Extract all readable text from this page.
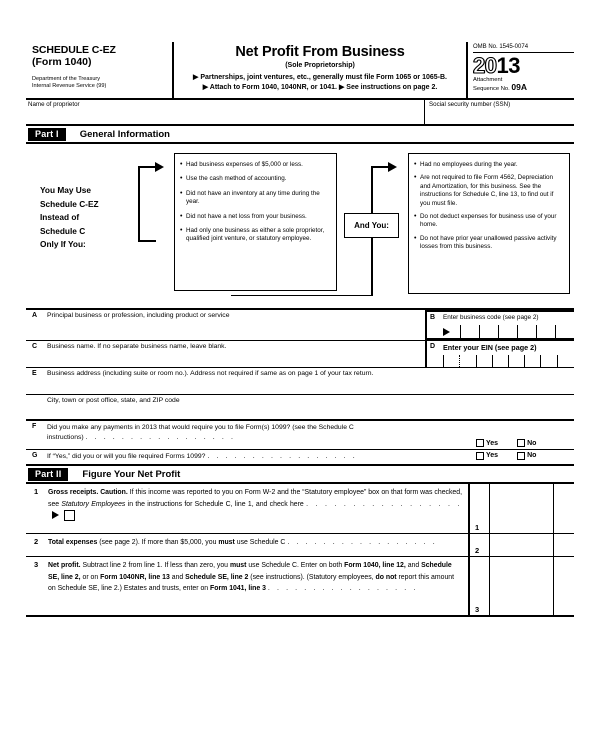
SCHEDULE C-EZ
(Form 1040)
Department of the Treasury
Internal Revenue Service (99)
Net Profit From Business
(Sole Proprietorship)
▶ Partnerships, joint ventures, etc., generally must file Form 1065 or 1065-B.
▶ Attach to Form 1040, 1040NR, or 1041. ▶ See instructions on page 2.
OMB No. 1545-0074
2013
Attachment
Sequence No. 09A
Name of proprietor	Social security number (SSN)
Part I	General Information
You May Use
Schedule C-EZ
Instead of
Schedule C
Only If You:
• Had business expenses of $5,000 or less.
• Use the cash method of accounting.
• Did not have an inventory at any time during the year.
• Did not have a net loss from your business.
• Had only one business as either a sole proprietor, qualified joint venture, or statutory employee.
And You:
• Had no employees during the year.
• Are not required to file Form 4562, Depreciation and Amortization, for this business. See the instructions for Schedule C, line 13, to find out if you must file.
• Do not deduct expenses for business use of your home.
• Do not have prior year unallowed passive activity losses from this business.
A	Principal business or profession, including product or service	B	Enter business code (see page 2)
C	Business name. If no separate business name, leave blank.	D	Enter your EIN (see page 2)
E	Business address (including suite or room no.). Address not required if same as on page 1 of your tax return.
City, town or post office, state, and ZIP code
F	Did you make any payments in 2013 that would require you to file Form(s) 1099? (see the Schedule C
instructions) . . . . . . . . . . . . . . . . .
Yes	No
G	If “Yes,” did you or will you file required Forms 1099? . . . . . . . . . . . . . . . . .	Yes	No
Part II	Figure Your Net Profit
1	Gross receipts. Caution. If this income was reported to you on Form W-2 and the “Statutory employee” box on that form was checked, see Statutory Employees in the instructions for Schedule C, line 1, and check here . . . . . . . . . . . . . . . . .
1
2	Total expenses (see page 2). If more than $5,000, you must use Schedule C . . . . . . . . . . . . . . . . .
2
3	Net profit. Subtract line 2 from line 1. If less than zero, you must use Schedule C. Enter on both Form 1040, line 12, and Schedule SE, line 2, or on Form 1040NR, line 13 and Schedule SE, line 2 (see instructions). (Statutory employees, do not report this amount on Schedule SE, line 2.) Estates and trusts, enter on Form 1041, line 3 . . . . . . . . . . . . . . . . .
3
